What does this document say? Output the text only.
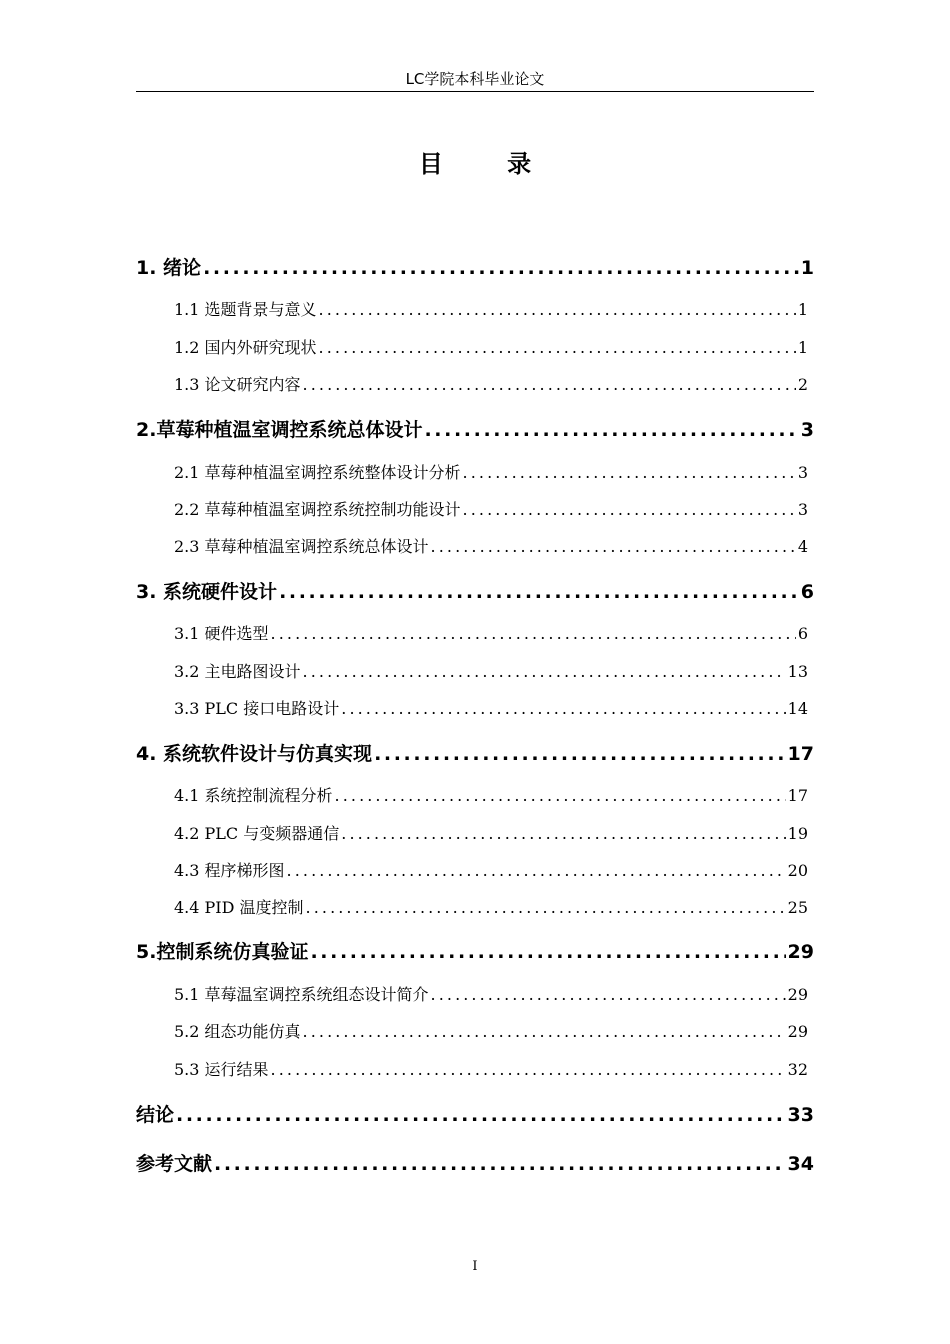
LC学院本科毕业论文
目 录
1. 绪论 . . .	1
1.1 选题背景与意义 . . .	1
1.2 国内外研究现状 . . .	1
1.3 论文研究内容 . . .	2
2.草莓种植温室调控系统总体设计 . . .	3
2.1 草莓种植温室调控系统整体设计分析 . . .	3
2.2 草莓种植温室调控系统控制功能设计 . . .	3
2.3 草莓种植温室调控系统总体设计 . . .	4
3. 系统硬件设计 . . .	6
3.1 硬件选型 . . .	6
3.2 主电路图设计 . . .	13
3.3 PLC 接口电路设计 . . .	14
4. 系统软件设计与仿真实现 . . .	17
4.1 系统控制流程分析 . . .	17
4.2 PLC 与变频器通信 . . .	19
4.3 程序梯形图 . . .	20
4.4 PID 温度控制 . . .	25
5.控制系统仿真验证 . . .	29
5.1 草莓温室调控系统组态设计简介 . . .	29
5.2 组态功能仿真 . . .	29
5.3 运行结果 . . .	32
结论 . . .	33
参考文献 . . .	34
I
